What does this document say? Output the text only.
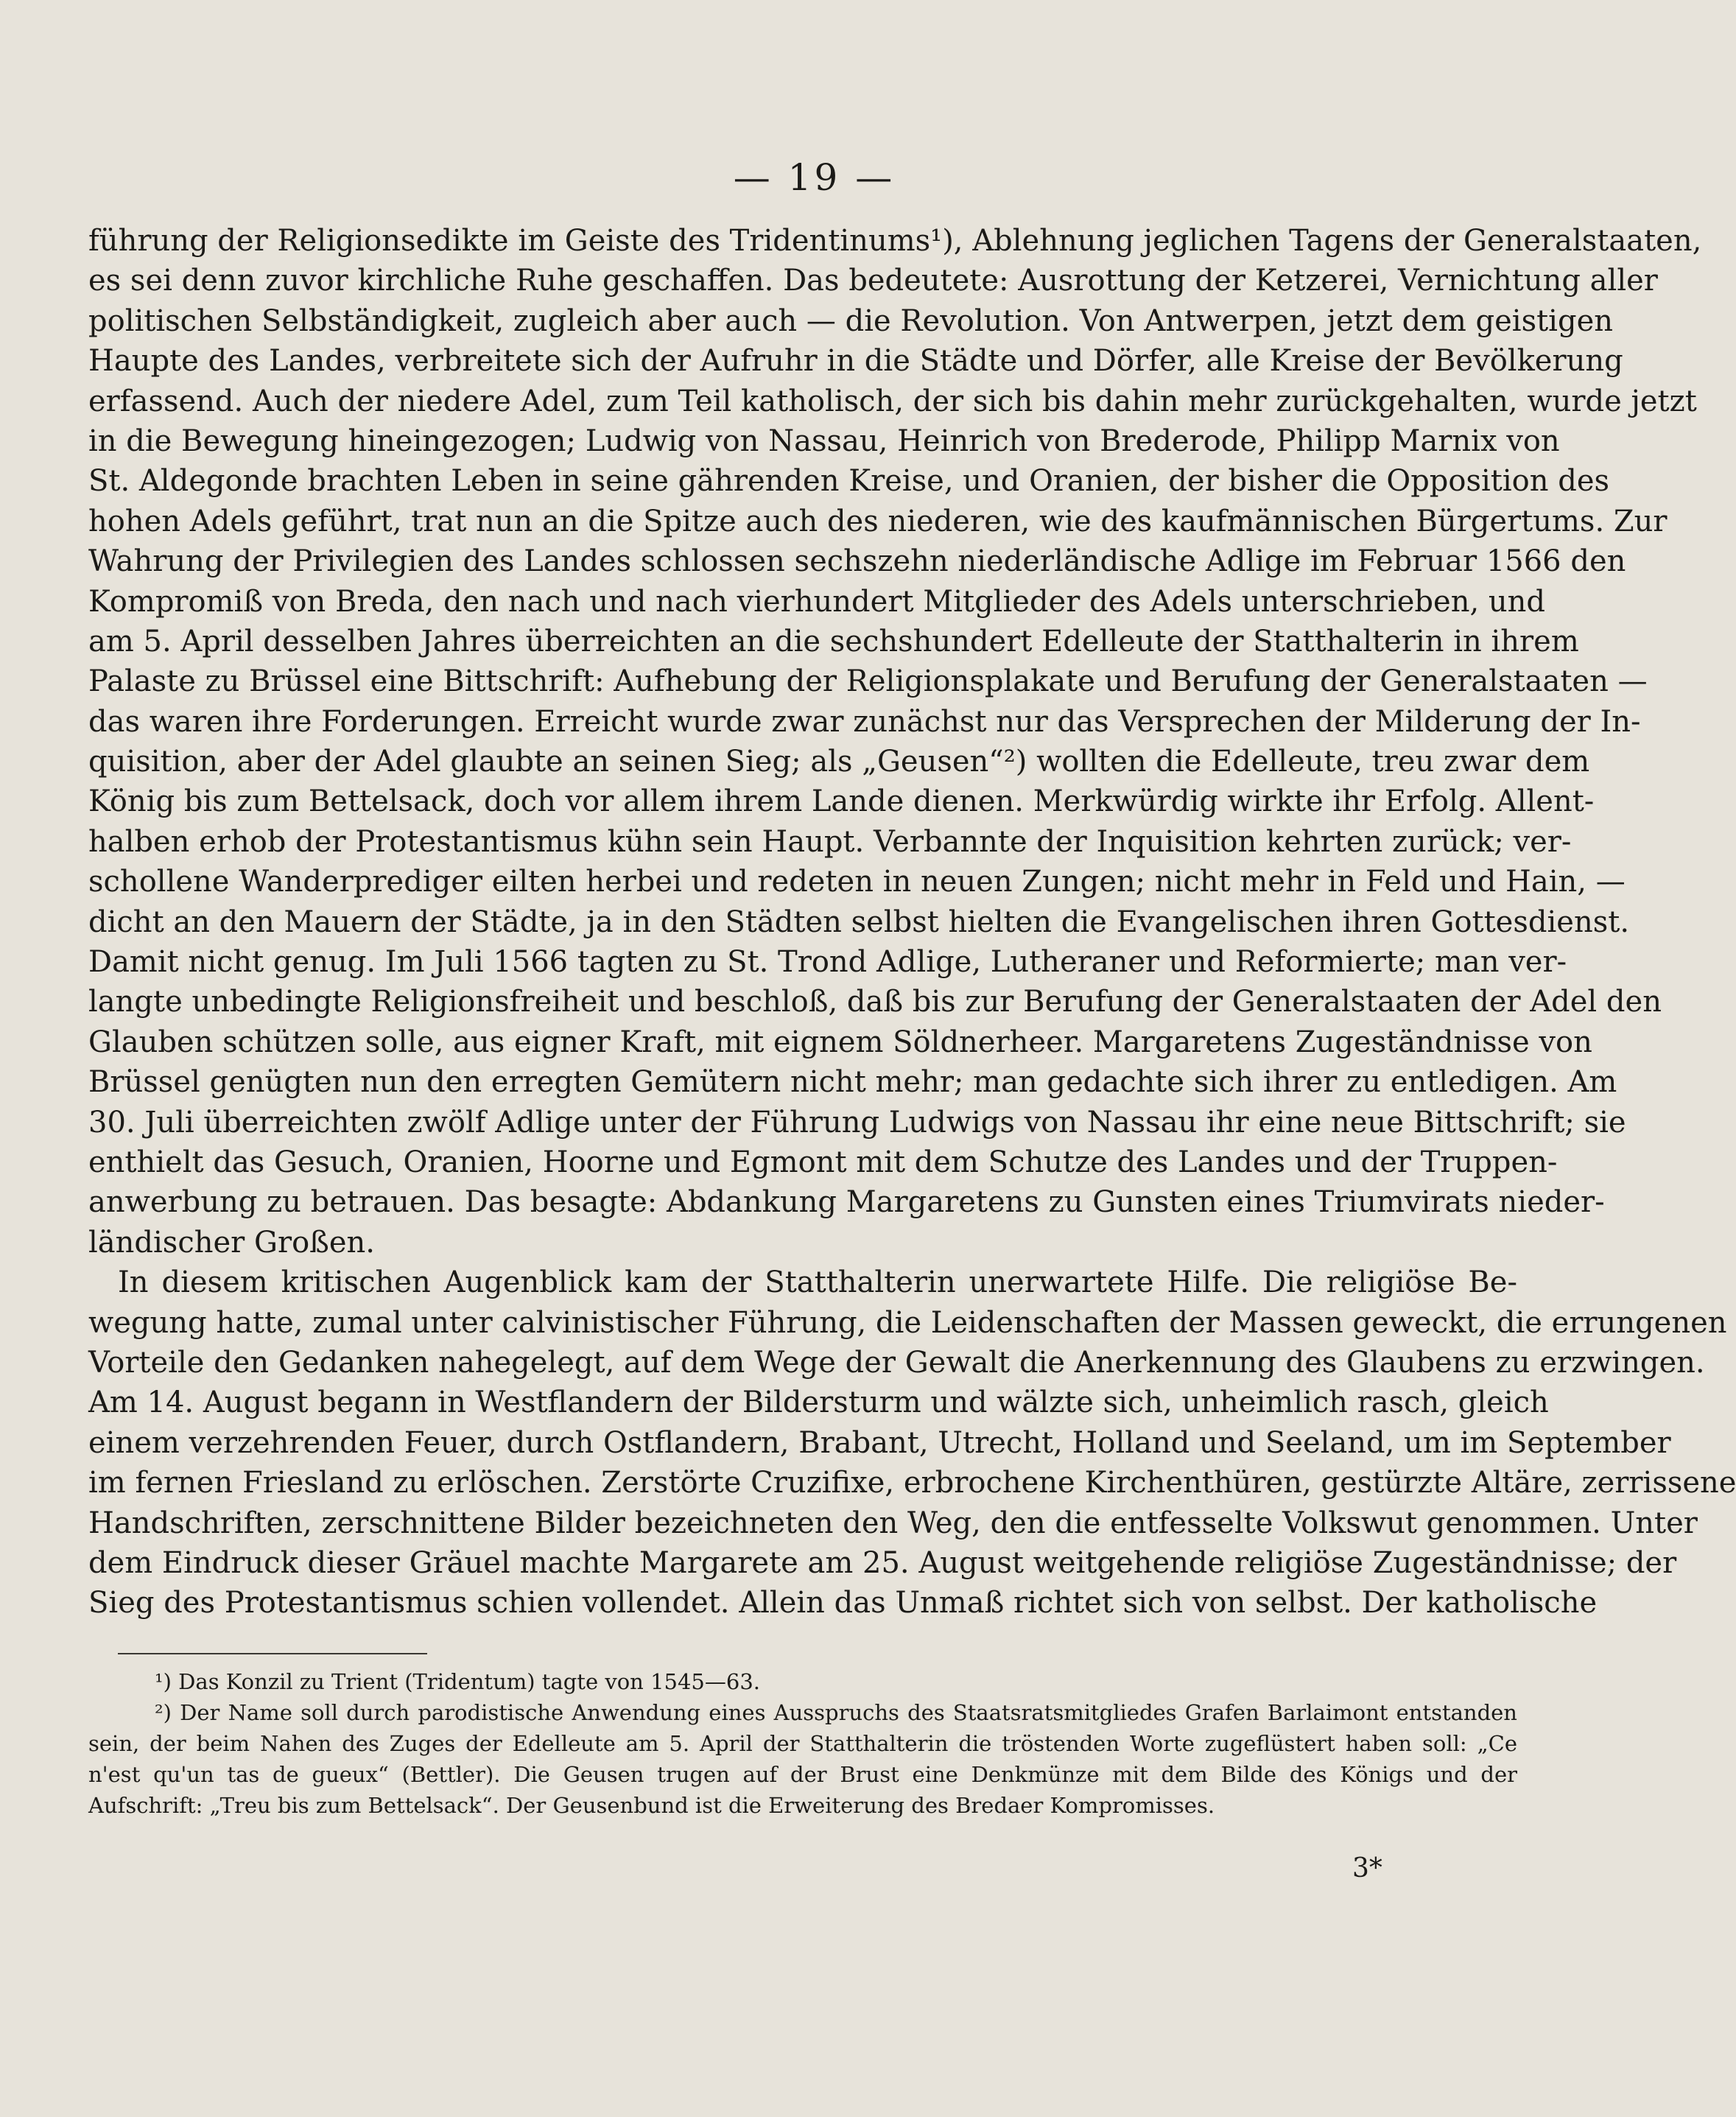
— 19 —
führung der Religionsedikte im Geiste des Tridentinums¹), Ablehnung jeglichen Tagens der Generalstaaten,
es sei denn zuvor kirchliche Ruhe geschaffen. Das bedeutete: Ausrottung der Ketzerei, Vernichtung aller
politischen Selbständigkeit, zugleich aber auch — die Revolution. Von Antwerpen, jetzt dem geistigen
Haupte des Landes, verbreitete sich der Aufruhr in die Städte und Dörfer, alle Kreise der Bevölkerung
erfassend. Auch der niedere Adel, zum Teil katholisch, der sich bis dahin mehr zurückgehalten, wurde jetzt
in die Bewegung hineingezogen; Ludwig von Nassau, Heinrich von Brederode, Philipp Marnix von
St. Aldegonde brachten Leben in seine gährenden Kreise, und Oranien, der bisher die Opposition des
hohen Adels geführt, trat nun an die Spitze auch des niederen, wie des kaufmännischen Bürgertums. Zur
Wahrung der Privilegien des Landes schlossen sechszehn niederländische Adlige im Februar 1566 den
Kompromiß von Breda, den nach und nach vierhundert Mitglieder des Adels unterschrieben, und
am 5. April desselben Jahres überreichten an die sechshundert Edelleute der Statthalterin in ihrem
Palaste zu Brüssel eine Bittschrift: Aufhebung der Religionsplakate und Berufung der Generalstaaten —
das waren ihre Forderungen. Erreicht wurde zwar zunächst nur das Versprechen der Milderung der In-
quisition, aber der Adel glaubte an seinen Sieg; als „Geusen“²) wollten die Edelleute, treu zwar dem
König bis zum Bettelsack, doch vor allem ihrem Lande dienen. Merkwürdig wirkte ihr Erfolg. Allent-
halben erhob der Protestantismus kühn sein Haupt. Verbannte der Inquisition kehrten zurück; ver-
schollene Wanderprediger eilten herbei und redeten in neuen Zungen; nicht mehr in Feld und Hain, —
dicht an den Mauern der Städte, ja in den Städten selbst hielten die Evangelischen ihren Gottesdienst.
Damit nicht genug. Im Juli 1566 tagten zu St. Trond Adlige, Lutheraner und Reformierte; man ver-
langte unbedingte Religionsfreiheit und beschloß, daß bis zur Berufung der Generalstaaten der Adel den
Glauben schützen solle, aus eigner Kraft, mit eignem Söldnerheer. Margaretens Zugeständnisse von
Brüssel genügten nun den erregten Gemütern nicht mehr; man gedachte sich ihrer zu entledigen. Am
30. Juli überreichten zwölf Adlige unter der Führung Ludwigs von Nassau ihr eine neue Bittschrift; sie
enthielt das Gesuch, Oranien, Hoorne und Egmont mit dem Schutze des Landes und der Truppen-
anwerbung zu betrauen. Das besagte: Abdankung Margaretens zu Gunsten eines Triumvirats nieder-
ländischer Großen.
In diesem kritischen Augenblick kam der Statthalterin unerwartete Hilfe. Die religiöse Be-
wegung hatte, zumal unter calvinistischer Führung, die Leidenschaften der Massen geweckt, die errungenen
Vorteile den Gedanken nahegelegt, auf dem Wege der Gewalt die Anerkennung des Glaubens zu erzwingen.
Am 14. August begann in Westflandern der Bildersturm und wälzte sich, unheimlich rasch, gleich
einem verzehrenden Feuer, durch Ostflandern, Brabant, Utrecht, Holland und Seeland, um im September
im fernen Friesland zu erlöschen. Zerstörte Cruzifixe, erbrochene Kirchenthüren, gestürzte Altäre, zerrissene
Handschriften, zerschnittene Bilder bezeichneten den Weg, den die entfesselte Volkswut genommen. Unter
dem Eindruck dieser Gräuel machte Margarete am 25. August weitgehende religiöse Zugeständnisse; der
Sieg des Protestantismus schien vollendet. Allein das Unmaß richtet sich von selbst. Der katholische
¹) Das Konzil zu Trient (Tridentum) tagte von 1545—63.
²) Der Name soll durch parodistische Anwendung eines Ausspruchs des Staatsratsmitgliedes Grafen Barlaimont entstanden
sein, der beim Nahen des Zuges der Edelleute am 5. April der Statthalterin die tröstenden Worte zugeflüstert haben soll: „Ce
n'est qu'un tas de gueux“ (Bettler). Die Geusen trugen auf der Brust eine Denkmünze mit dem Bilde des Königs und der
Aufschrift: „Treu bis zum Bettelsack“. Der Geusenbund ist die Erweiterung des Bredaer Kompromisses.
3*
